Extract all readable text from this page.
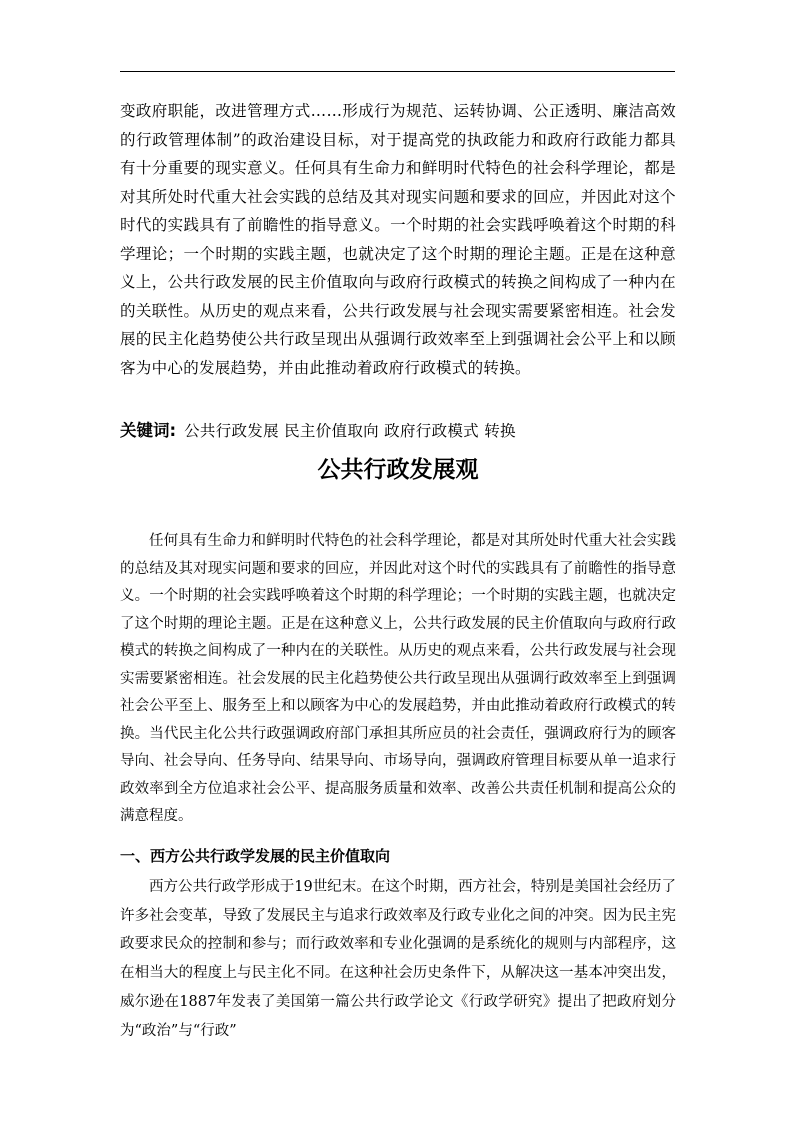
变政府职能，改进管理方式……形成行为规范、运转协调、公正透明、廉洁高效的行政管理体制”的政治建设目标，对于提高党的执政能力和政府行政能力都具有十分重要的现实意义。任何具有生命力和鲜明时代特色的社会科学理论，都是对其所处时代重大社会实践的总结及其对现实问题和要求的回应，并因此对这个时代的实践具有了前瞻性的指导意义。一个时期的社会实践呼唤着这个时期的科学理论；一个时期的实践主题，也就决定了这个时期的理论主题。正是在这种意义上，公共行政发展的民主价值取向与政府行政模式的转换之间构成了一种内在的关联性。从历史的观点来看，公共行政发展与社会现实需要紧密相连。社会发展的民主化趋势使公共行政呈现出从强调行政效率至上到强调社会公平上和以顾客为中心的发展趋势，并由此推动着政府行政模式的转换。

关键词: 公共行政发展 民主价值取向 政府行政模式 转换

公共行政发展观

任何具有生命力和鲜明时代特色的社会科学理论，都是对其所处时代重大社会实践的总结及其对现实问题和要求的回应，并因此对这个时代的实践具有了前瞻性的指导意义。一个时期的社会实践呼唤着这个时期的科学理论；一个时期的实践主题，也就决定了这个时期的理论主题。正是在这种意义上，公共行政发展的民主价值取向与政府行政模式的转换之间构成了一种内在的关联性。从历史的观点来看，公共行政发展与社会现实需要紧密相连。社会发展的民主化趋势使公共行政呈现出从强调行政效率至上到强调社会公平至上、服务至上和以顾客为中心的发展趋势，并由此推动着政府行政模式的转换。当代民主化公共行政强调政府部门承担其所应员的社会责任，强调政府行为的顾客导向、社会导向、任务导向、结果导向、市场导向，强调政府管理目标要从单一追求行政效率到全方位追求社会公平、提高服务质量和效率、改善公共责任机制和提高公众的满意程度。

一、西方公共行政学发展的民主价值取向

西方公共行政学形成于19世纪末。在这个时期，西方社会，特别是美国社会经历了许多社会变革，导致了发展民主与追求行政效率及行政专业化之间的冲突。因为民主宪政要求民众的控制和参与；而行政效率和专业化强调的是系统化的规则与内部程序，这在相当大的程度上与民主化不同。在这种社会历史条件下，从解决这一基本冲突出发，威尔逊在1887年发表了美国第一篇公共行政学论文《行政学研究》提出了把政府划分为“政治”与“行政”
